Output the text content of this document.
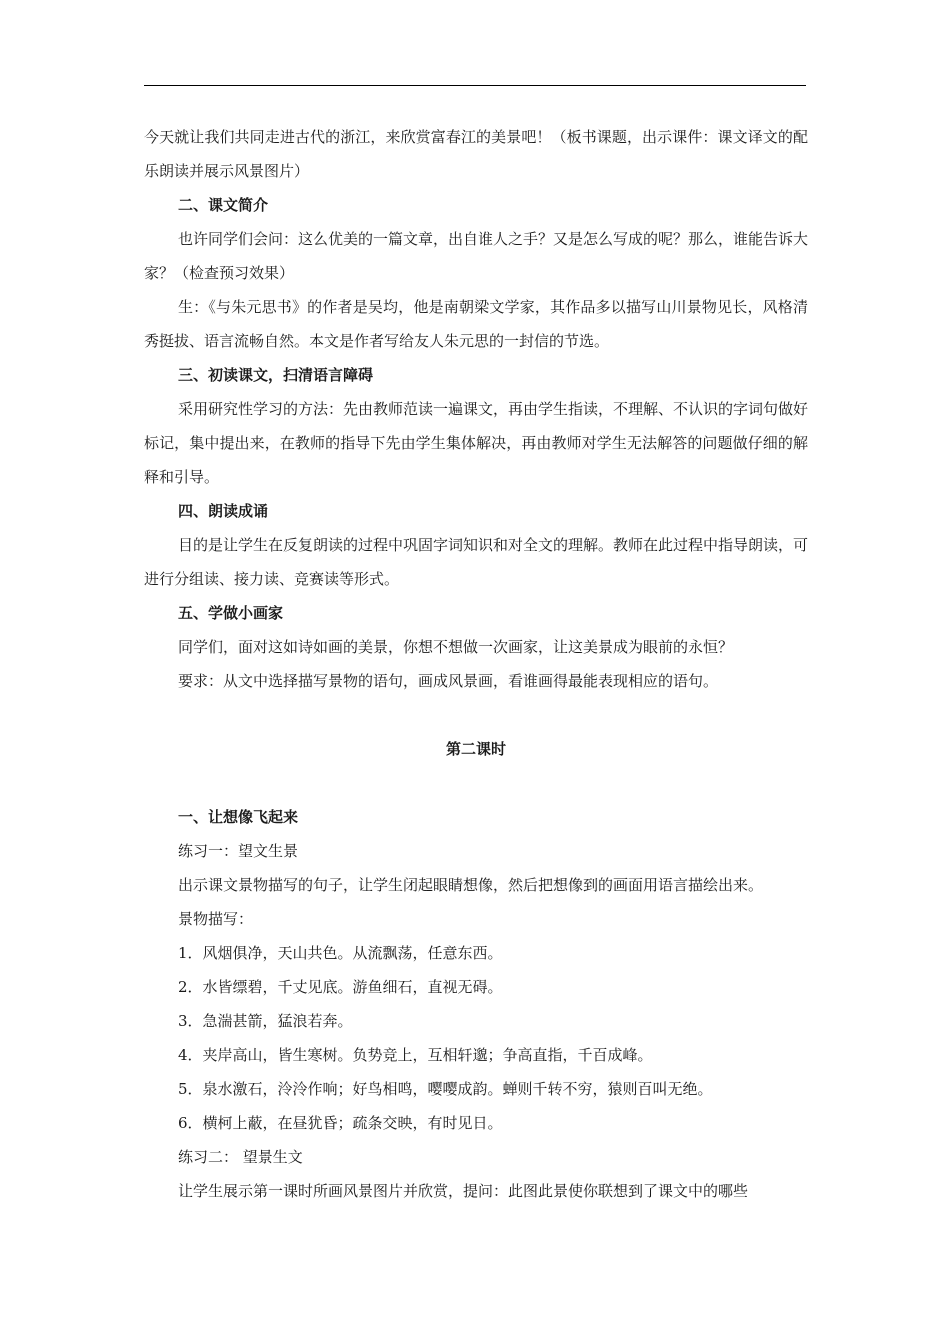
今天就让我们共同走进古代的浙江，来欣赏富春江的美景吧！（板书课题，出示课件：课文译文的配乐朗读并展示风景图片）

二、课文简介

也许同学们会问：这么优美的一篇文章，出自谁人之手？又是怎么写成的呢？那么，谁能告诉大家？（检查预习效果）

生：《与朱元思书》的作者是吴均，他是南朝梁文学家，其作品多以描写山川景物见长，风格清秀挺拔、语言流畅自然。本文是作者写给友人朱元思的一封信的节选。

三、初读课文，扫清语言障碍

采用研究性学习的方法：先由教师范读一遍课文，再由学生指读，不理解、不认识的字词句做好标记，集中提出来，在教师的指导下先由学生集体解决，再由教师对学生无法解答的问题做仔细的解释和引导。

四、朗读成诵

目的是让学生在反复朗读的过程中巩固字词知识和对全文的理解。教师在此过程中指导朗读，可进行分组读、接力读、竞赛读等形式。

五、学做小画家

同学们，面对这如诗如画的美景，你想不想做一次画家，让这美景成为眼前的永恒？

要求：从文中选择描写景物的语句，画成风景画，看谁画得最能表现相应的语句。

第二课时

一、让想像飞起来

练习一：望文生景

出示课文景物描写的句子，让学生闭起眼睛想像，然后把想像到的画面用语言描绘出来。

景物描写：

1．风烟俱净，天山共色。从流飘荡，任意东西。

2．水皆缥碧，千丈见底。游鱼细石，直视无碍。

3．急湍甚箭，猛浪若奔。

4．夹岸高山，皆生寒树。负势竞上，互相轩邈；争高直指，千百成峰。

5．泉水激石，泠泠作响；好鸟相鸣，嘤嘤成韵。蝉则千转不穷，猿则百叫无绝。

6．横柯上蔽，在昼犹昏；疏条交映，有时见日。

练习二： 望景生文

让学生展示第一课时所画风景图片并欣赏，提问：此图此景使你联想到了课文中的哪些
